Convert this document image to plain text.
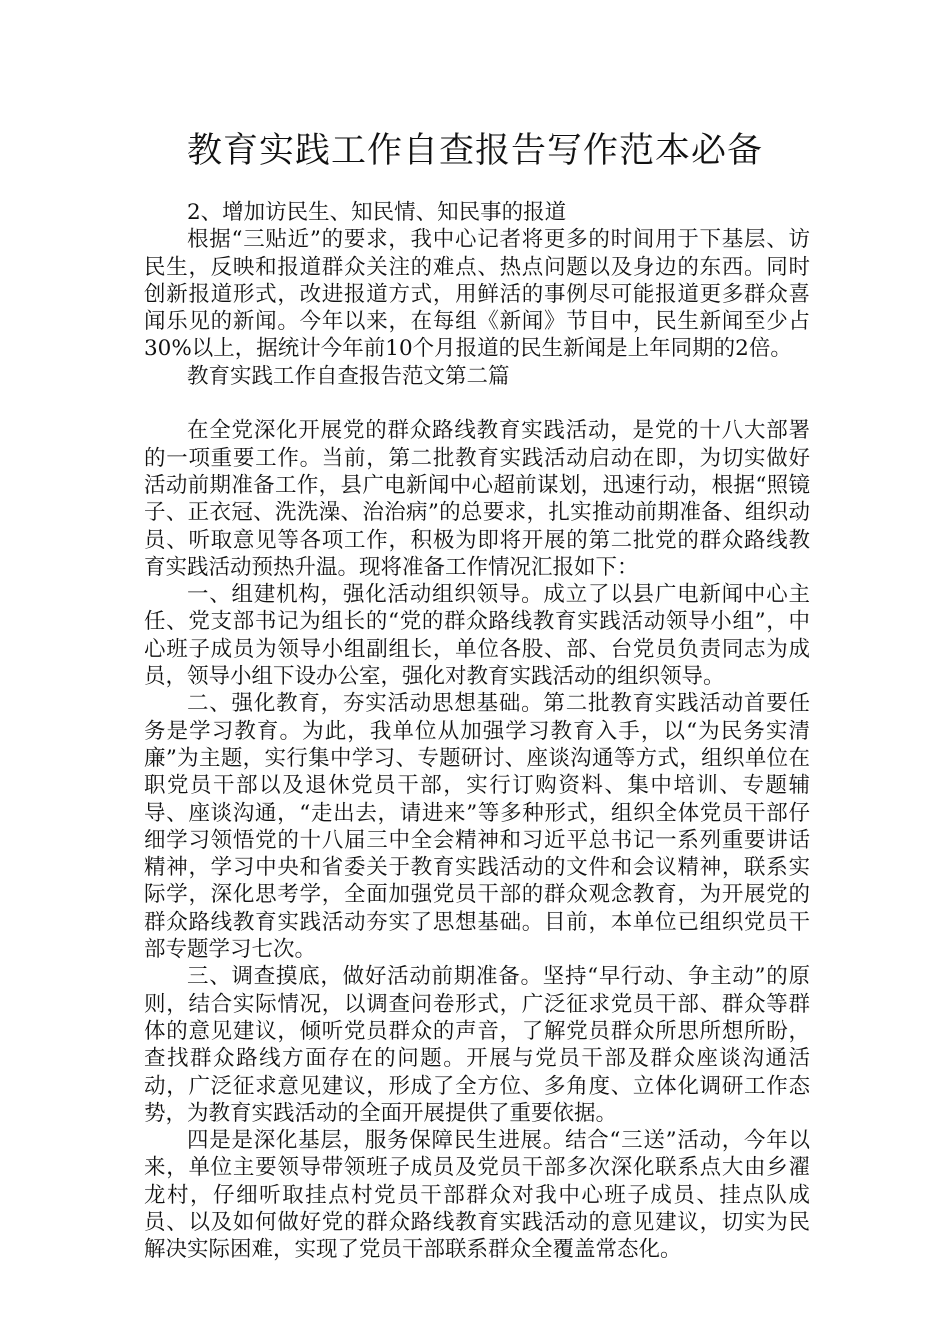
教育实践工作自查报告写作范本必备

2、增加访民生、知民情、知民事的报道

根据“三贴近”的要求，我中心记者将更多的时间用于下基层、访民生，反映和报道群众关注的难点、热点问题以及身边的东西。同时创新报道形式，改进报道方式，用鲜活的事例尽可能报道更多群众喜闻乐见的新闻。今年以来，在每组《新闻》节目中，民生新闻至少占30%以上，据统计今年前10个月报道的民生新闻是上年同期的2倍。

教育实践工作自查报告范文第二篇

在全党深化开展党的群众路线教育实践活动，是党的十八大部署的一项重要工作。当前，第二批教育实践活动启动在即，为切实做好活动前期准备工作，县广电新闻中心超前谋划，迅速行动，根据“照镜子、正衣冠、洗洗澡、治治病”的总要求，扎实推动前期准备、组织动员、听取意见等各项工作，积极为即将开展的第二批党的群众路线教育实践活动预热升温。现将准备工作情况汇报如下：

一、组建机构，强化活动组织领导。成立了以县广电新闻中心主任、党支部书记为组长的“党的群众路线教育实践活动领导小组”，中心班子成员为领导小组副组长，单位各股、部、台党员负责同志为成员，领导小组下设办公室，强化对教育实践活动的组织领导。

二、强化教育，夯实活动思想基础。第二批教育实践活动首要任务是学习教育。为此，我单位从加强学习教育入手，以“为民务实清廉”为主题，实行集中学习、专题研讨、座谈沟通等方式，组织单位在职党员干部以及退休党员干部，实行订购资料、集中培训、专题辅导、座谈沟通，“走出去，请进来”等多种形式，组织全体党员干部仔细学习领悟党的十八届三中全会精神和习近平总书记一系列重要讲话精神，学习中央和省委关于教育实践活动的文件和会议精神，联系实际学，深化思考学，全面加强党员干部的群众观念教育，为开展党的群众路线教育实践活动夯实了思想基础。目前，本单位已组织党员干部专题学习七次。

三、调查摸底，做好活动前期准备。坚持“早行动、争主动”的原则，结合实际情况，以调查问卷形式，广泛征求党员干部、群众等群体的意见建议，倾听党员群众的声音，了解党员群众所思所想所盼，查找群众路线方面存在的问题。开展与党员干部及群众座谈沟通活动，广泛征求意见建议，形成了全方位、多角度、立体化调研工作态势，为教育实践活动的全面开展提供了重要依据。

四是是深化基层，服务保障民生进展。结合“三送”活动，今年以来，单位主要领导带领班子成员及党员干部多次深化联系点大由乡濯龙村，仔细听取挂点村党员干部群众对我中心班子成员、挂点队成员、以及如何做好党的群众路线教育实践活动的意见建议，切实为民解决实际困难，实现了党员干部联系群众全覆盖常态化。
